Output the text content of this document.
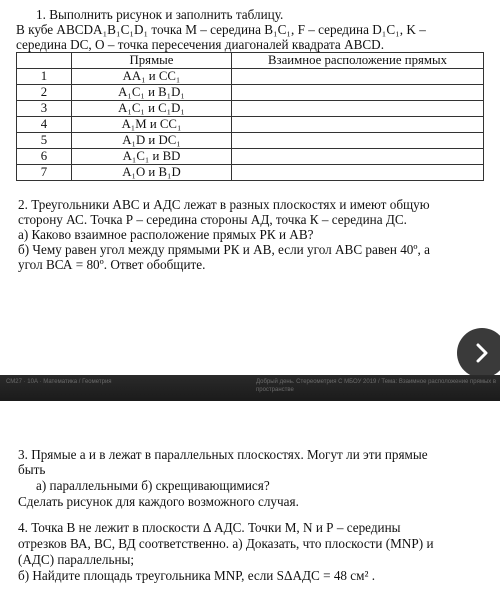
1. Выполнить рисунок и заполнить таблицу.
В кубе ABCDA₁B₁C₁D₁ точка M – середина B₁C₁, F – середина D₁C₁, K –
середина DC, O – точка пересечения диагоналей квадрата ABCD.
	Прямые	Взаимное расположение прямых
1	AA₁ и CC₁	
2	A₁C₁ и B₁D₁	
3	A₁C₁ и C₁D₁	
4	A₁M и CC₁	
5	A₁D и DC₁	
6	A₁C₁ и BD	
7	A₁O и B₁D	
2. Треугольники АВС и АДС лежат в разных плоскостях и имеют общую
сторону АС. Точка Р – середина стороны АД, точка К – середина ДС.
а) Каково взаимное расположение прямых РК и АВ?
б) Чему равен угол между прямыми РК и АВ, если угол АВС равен 40º, а
угол ВСА = 80º. Ответ обобщите.
СМ27 · 10А · Математика / Геометрия	Добрый день. Стереометрия С МБОУ 2019 / Тема: Взаимное расположение прямых в пространстве
3. Прямые а и в лежат в параллельных плоскостях. Могут ли эти прямые
быть
а) параллельными б) скрещивающимися?
Сделать рисунок для каждого возможного случая.
4. Точка В не лежит в плоскости Δ АДС. Точки М, N и Р – середины
отрезков ВА, ВС, ВД соответственно. а) Доказать, что плоскости (MNP) и
(АДС) параллельны;
б) Найдите площадь треугольника MNP, если SΔАДС = 48 см² .
